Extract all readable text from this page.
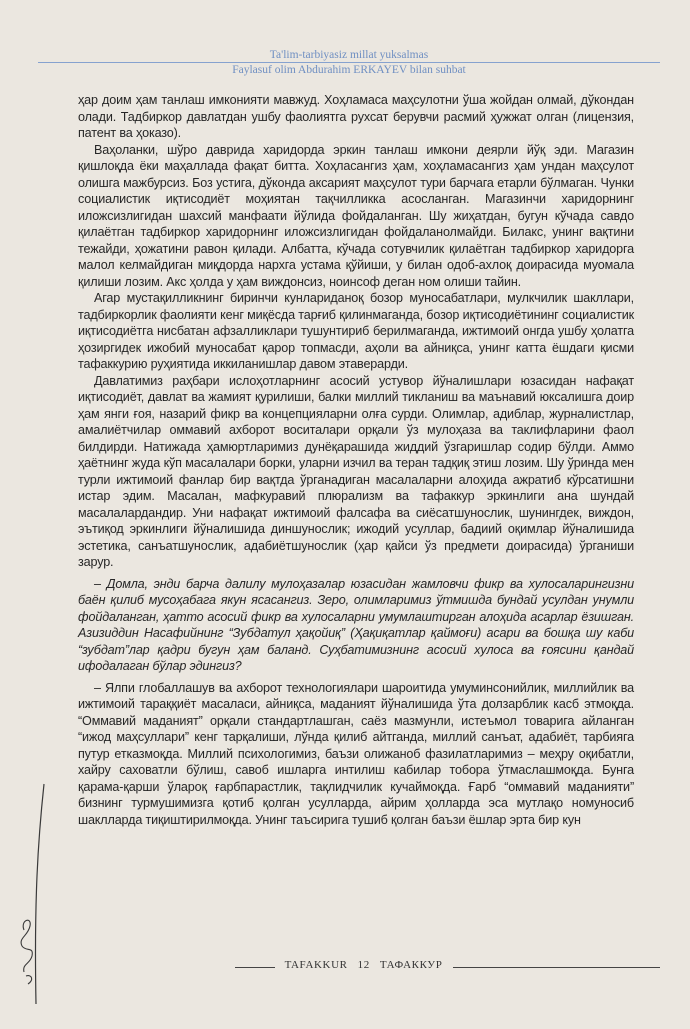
Ta'lim-tarbiyasiz millat yuksalmas
Faylasuf olim Abdurahim ERKAYEV bilan suhbat

ҳар доим ҳам танлаш имконияти мавжуд. Хоҳламаса маҳсулотни ўша жойдан олмай, дўкондан олади. Тадбиркор давлатдан ушбу фаолиятга рухсат берувчи расмий ҳужжат олган (лицензия, патент ва ҳоказо).

Ваҳоланки, шўро даврида харидорда эркин танлаш имкони деярли йўқ эди. Магазин қишлоқда ёки маҳаллада фақат битта. Хоҳласангиз ҳам, хоҳламасангиз ҳам ундан маҳсулот олишга мажбурсиз. Боз устига, дўконда аксарият маҳсулот тури барчага етарли бўлмаган. Чунки социалистик иқтисодиёт моҳиятан тақчилликка асосланган. Магазинчи харидорнинг иложсизлигидан шахсий манфаати йўлида фойдаланган. Шу жиҳатдан, бугун кўчада савдо қилаётган тадбиркор харидорнинг иложсизлигидан фойдаланолмайди. Билакс, унинг вақтини тежайди, ҳожатини равон қилади. Албатта, кўчада сотувчилик қилаётган тадбиркор харидорга малол келмайдиган миқдорда нархга устама қўйиши, у билан одоб-ахлоқ доирасида муомала қилиши лозим. Акс ҳолда у ҳам виждонсиз, ноинсоф деган ном олиши тайин.

Агар мустақилликнинг биринчи кунлариданоқ бозор муносабатлари, мулкчилик шакллари, тадбиркорлик фаолияти кенг миқёсда тарғиб қилинмаганда, бозор иқтисодиётининг социалистик иқтисодиётга нисбатан афзалликлари тушунтириб берилмаганда, ижтимоий онгда ушбу ҳолатга ҳозиргидек ижобий муносабат қарор топмасди, аҳоли ва айниқса, унинг катта ёшдаги қисми тафаккурию руҳиятида иккиланишлар давом этаверарди.

Давлатимиз раҳбари ислоҳотларнинг асосий устувор йўналишлари юзасидан нафақат иқтисодиёт, давлат ва жамият қурилиши, балки миллий тикланиш ва маънавий юксалишга доир ҳам янги ғоя, назарий фикр ва концепцияларни олға сурди. Олимлар, адиблар, журналистлар, амалиётчилар оммавий ахборот воситалари орқали ўз мулоҳаза ва таклифларини фаол билдирди. Натижада ҳамюртларимиз дунёқарашида жиддий ўзгаришлар содир бўлди. Аммо ҳаётнинг жуда кўп масалалари борки, уларни изчил ва теран тадқиқ этиш лозим. Шу ўринда мен турли ижтимоий фанлар бир вақтда ўрганадиган масалаларни алоҳида ажратиб кўрсатишни истар эдим. Масалан, мафкуравий плюрализм ва тафаккур эркинлиги ана шундай масалалардандир. Уни нафақат ижтимоий фалсафа ва сиёсатшунослик, шунингдек, виждон, эътиқод эркинлиги йўналишида диншунослик; ижодий усуллар, бадиий оқимлар йўналишида эстетика, санъатшунослик, адабиётшунослик (ҳар қайси ўз предмети доирасида) ўрганиши зарур.

– Домла, энди барча далилу мулоҳазалар юзасидан жамловчи фикр ва хулосаларингизни баён қилиб мусоҳабага якун ясасангиз. Зеро, олимларимиз ўтмишда бундай усулдан унумли фойдаланган, ҳатто асосий фикр ва хулосаларни умумлаштирган алоҳида асарлар ёзишган. Азизиддин Насафийнинг “Зубдатул ҳақойиқ” (Ҳақиқатлар қаймоғи) асари ва бошқа шу каби “зубдат”лар қадри бугун ҳам баланд. Суҳбатимизнинг асосий хулоса ва ғоясини қандай ифодалаган бўлар эдингиз?

– Ялпи глобаллашув ва ахборот технологиялари шароитида умуминсонийлик, миллийлик ва ижтимоий тараққиёт масаласи, айниқса, маданият йўналишида ўта долзарблик касб этмоқда. “Оммавий маданият” орқали стандартлашган, саёз мазмунли, истеъмол товарига айланган “ижод маҳсуллари” кенг тарқалиши, лўнда қилиб айтганда, миллий санъат, адабиёт, тарбияга путур етказмоқда. Миллий психологимиз, баъзи олижаноб фазилатларимиз – меҳру оқибатли, хайру саховатли бўлиш, савоб ишларга интилиш кабилар тобора ўтмаслашмоқда. Бунга қарама-қарши ўлароқ ғарбпарастлик, тақлидчилик кучаймоқда. Ғарб “оммавий маданияти” бизнинг турмушимизга қотиб қолган усулларда, айрим ҳолларда эса мутлақо номуносиб шаклларда тиқиштирилмоқда. Унинг таъсирига тушиб қолган баъзи ёшлар эрта бир кун

TAFAKKUR 12 ТАФАККУР
